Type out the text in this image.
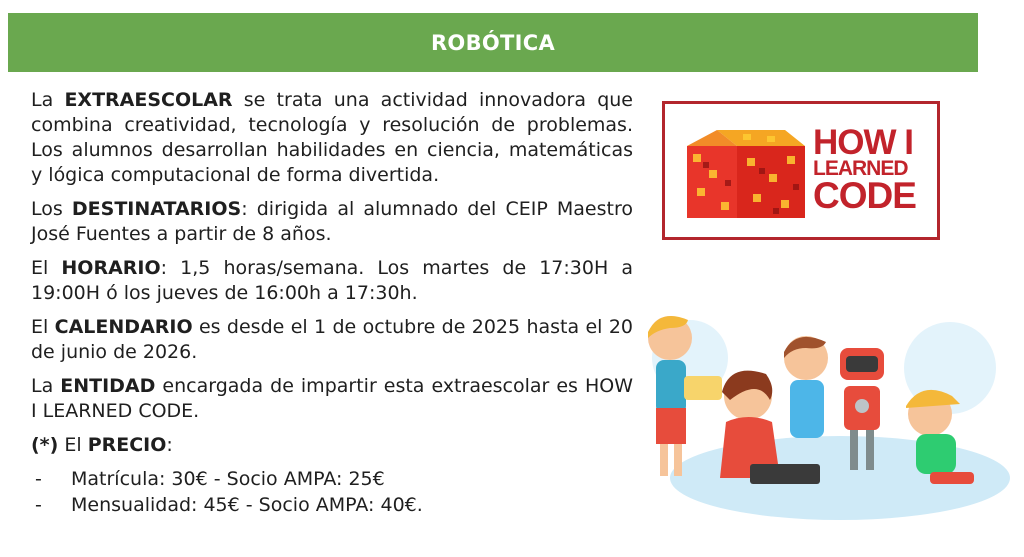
ROBÓTICA

La EXTRAESCOLAR se trata una actividad innovadora que combina creatividad, tecnología y resolución de problemas. Los alumnos desarrollan habilidades en ciencia, matemáticas y lógica computacional de forma divertida.

Los DESTINATARIOS: dirigida al alumnado del CEIP Maestro José Fuentes a partir de 8 años.

El HORARIO: 1,5 horas/semana. Los martes de 17:30H a 19:00H ó los jueves de 16:00h a 17:30h.

El CALENDARIO es desde el 1 de octubre de 2025 hasta el 20 de junio de 2026.

La ENTIDAD encargada de impartir esta extraescolar es HOW I LEARNED CODE.

(*) El PRECIO:

- Matrícula: 30€ - Socio AMPA: 25€
- Mensualidad: 45€ - Socio AMPA: 40€.
HOW I
LEARNED
CODE
